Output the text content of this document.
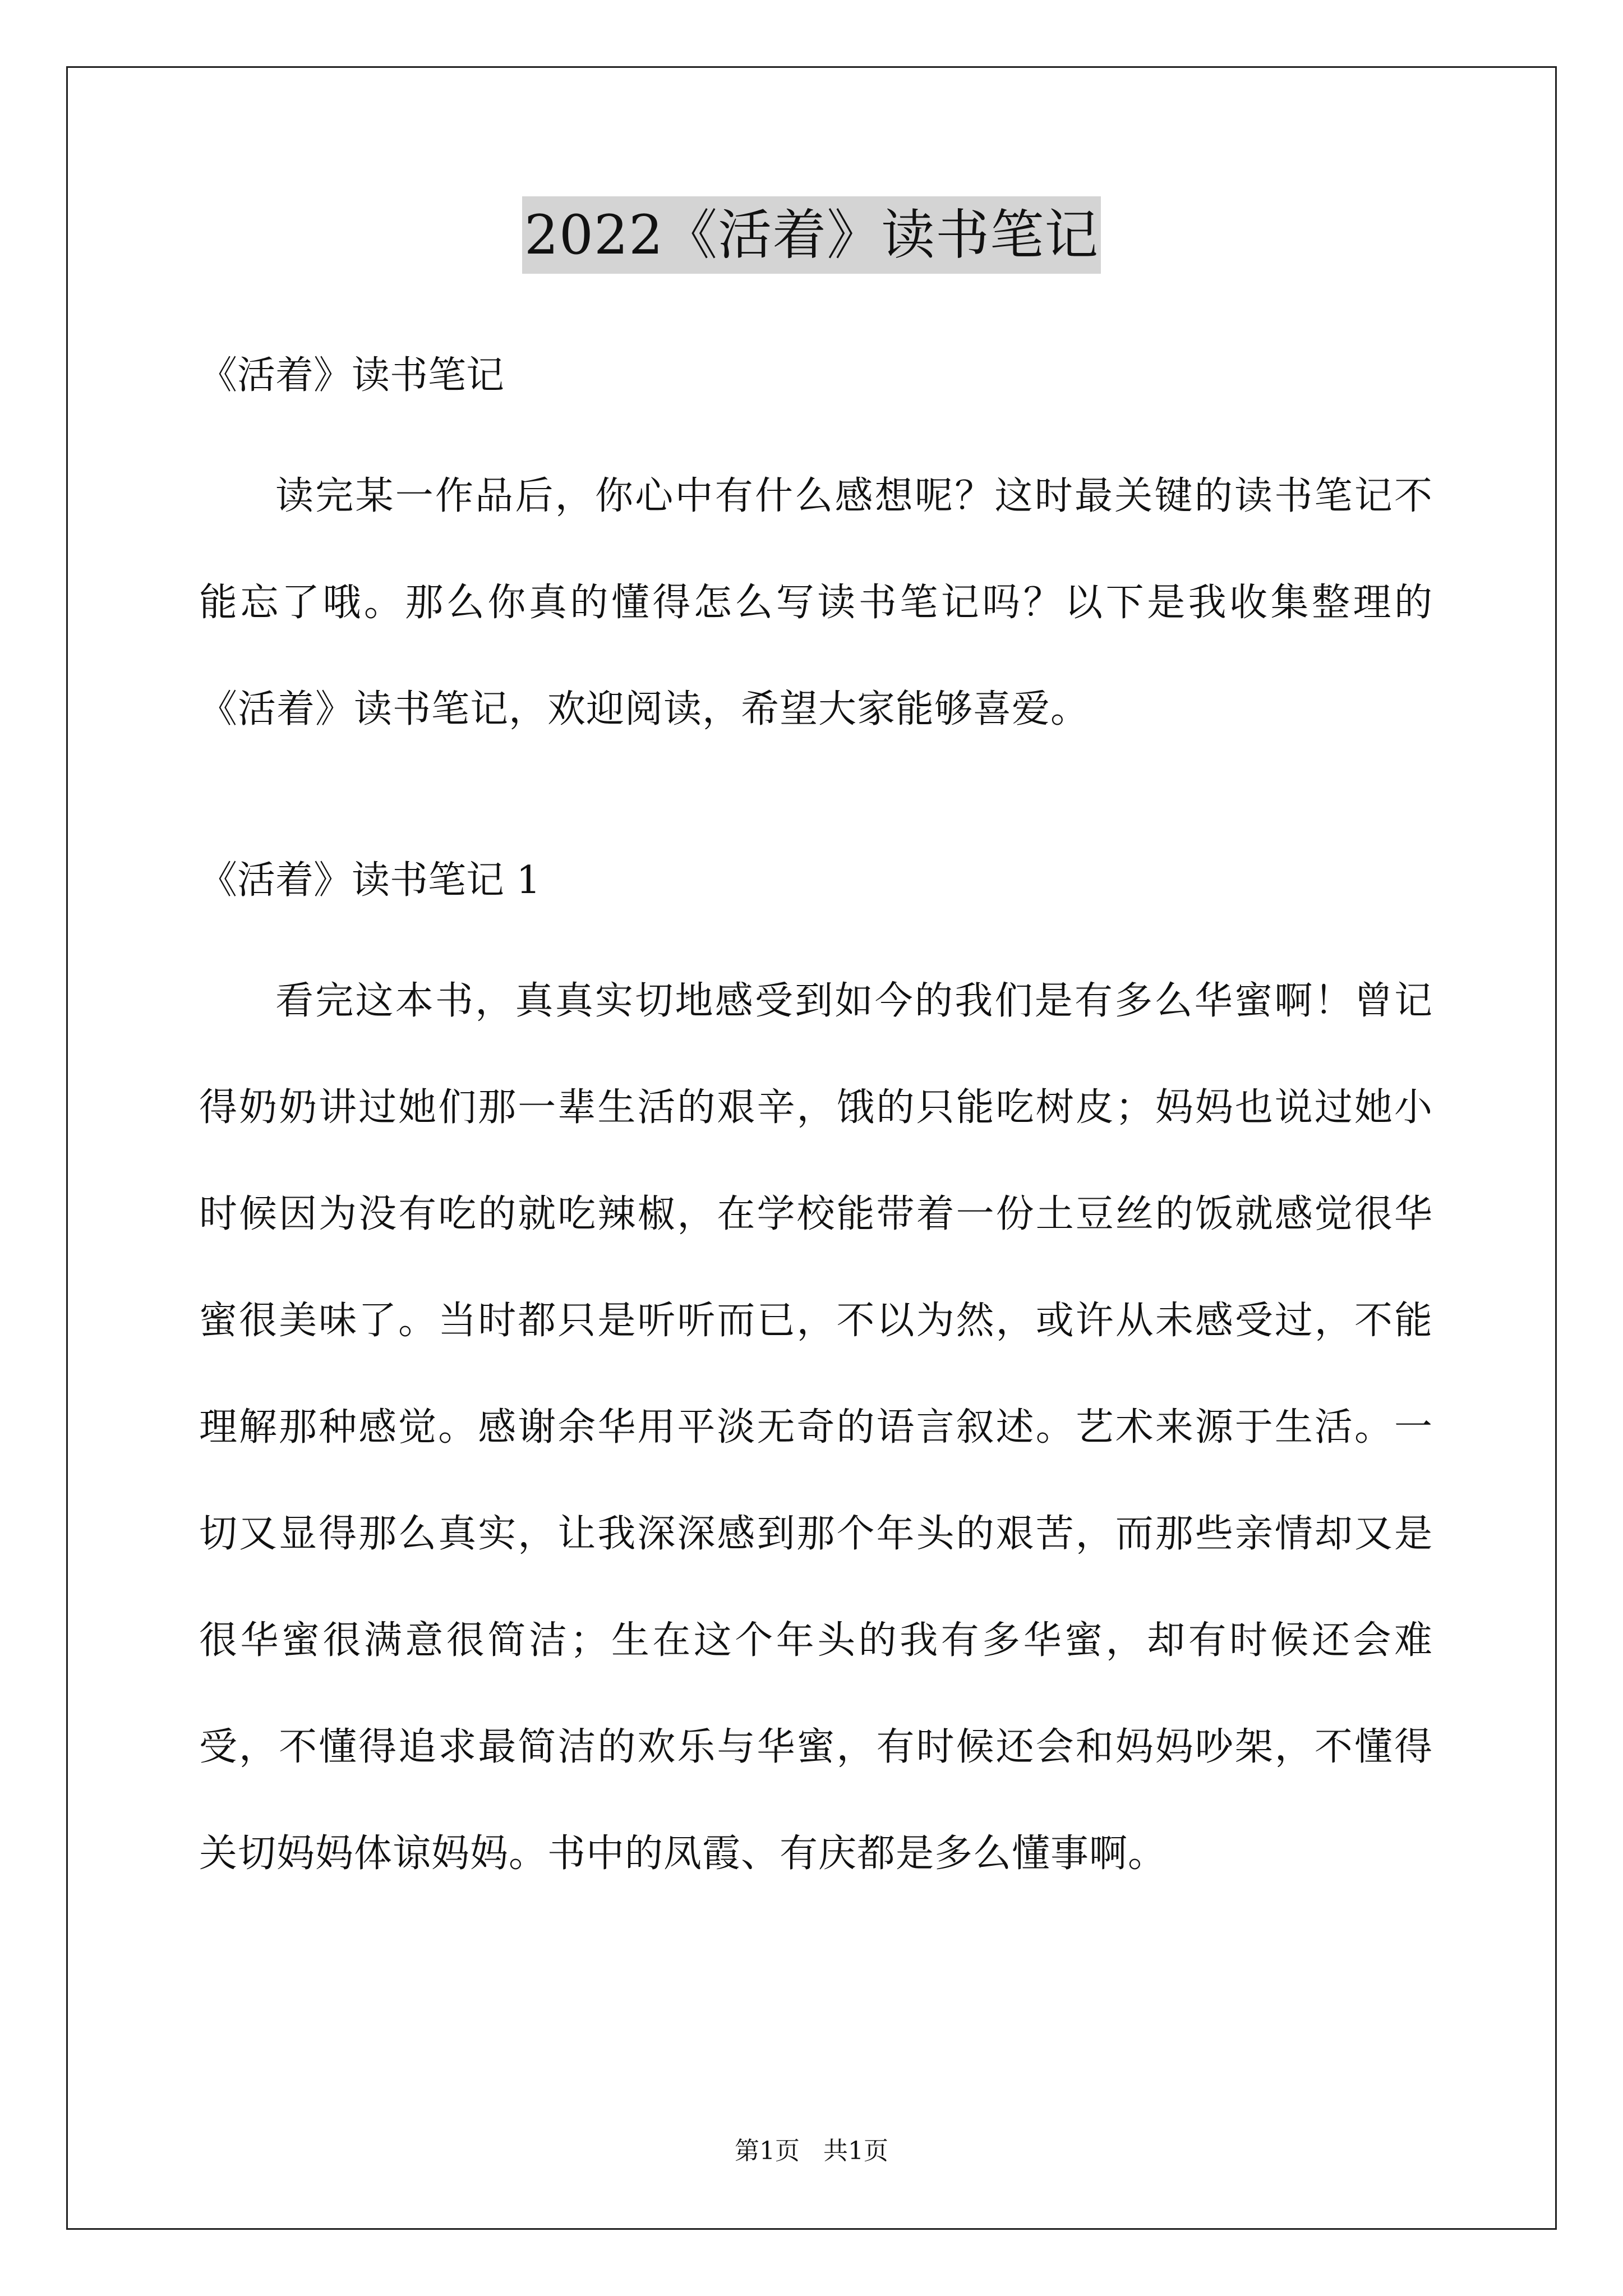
2022《活着》读书笔记

《活着》读书笔记

读完某一作品后，你心中有什么感想呢？这时最关键的读书笔记不能忘了哦。那么你真的懂得怎么写读书笔记吗？以下是我收集整理的《活着》读书笔记，欢迎阅读，希望大家能够喜爱。

《活着》读书笔记 1

看完这本书，真真实切地感受到如今的我们是有多么华蜜啊！曾记得奶奶讲过她们那一辈生活的艰辛，饿的只能吃树皮；妈妈也说过她小时候因为没有吃的就吃辣椒，在学校能带着一份土豆丝的饭就感觉很华蜜很美味了。当时都只是听听而已，不以为然，或许从未感受过，不能理解那种感觉。感谢余华用平淡无奇的语言叙述。艺术来源于生活。一切又显得那么真实，让我深深感到那个年头的艰苦，而那些亲情却又是很华蜜很满意很简洁；生在这个年头的我有多华蜜，却有时候还会难受，不懂得追求最简洁的欢乐与华蜜，有时候还会和妈妈吵架，不懂得关切妈妈体谅妈妈。书中的凤霞、有庆都是多么懂事啊。

第1页 共1页
